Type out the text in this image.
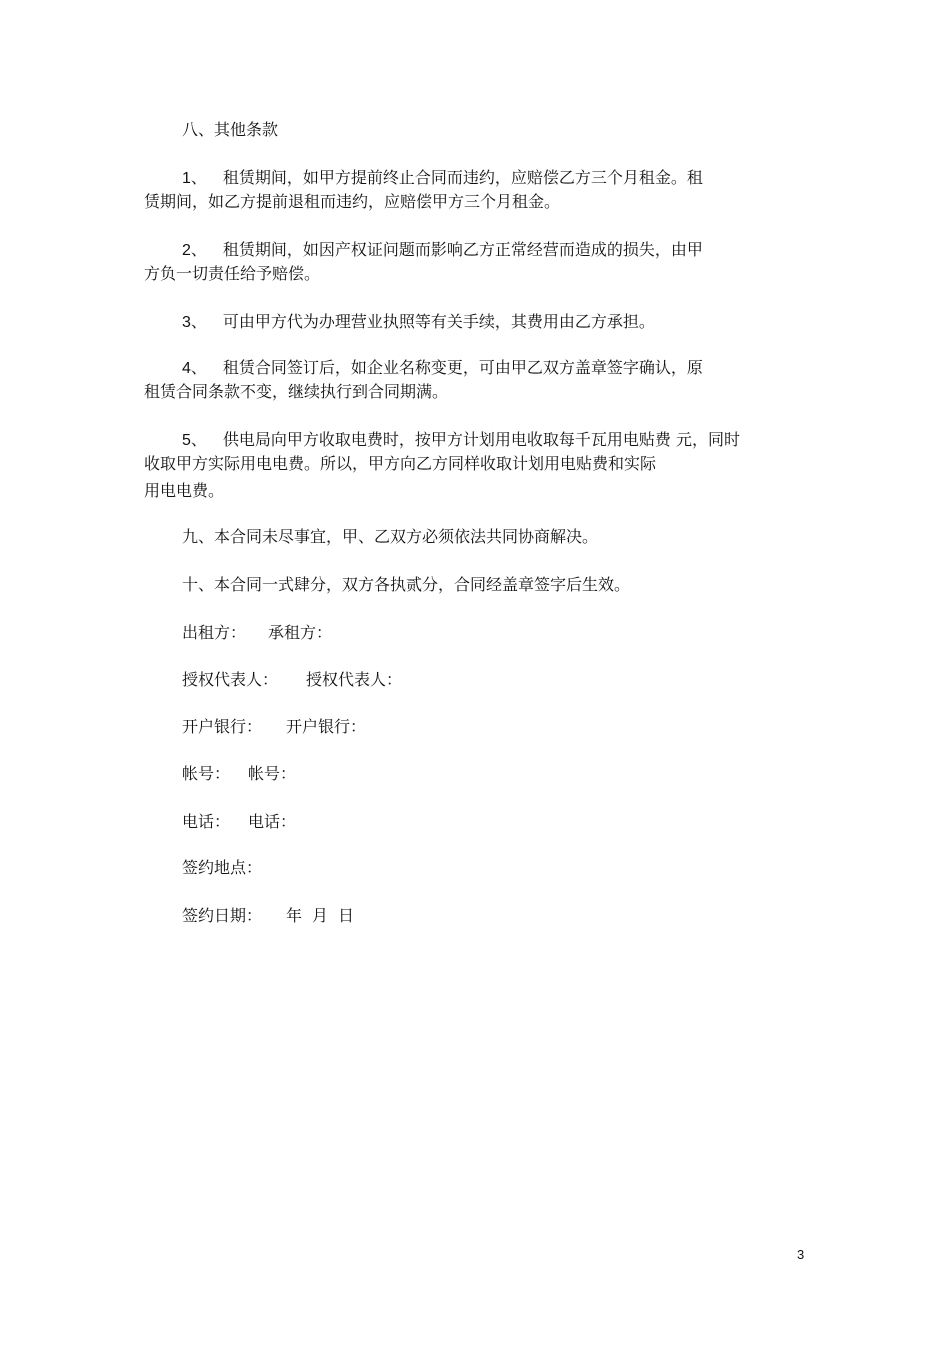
八、其他条款
1、 租赁期间，如甲方提前终止合同而违约，应赔偿乙方三个月租金。租
赁期间，如乙方提前退租而违约，应赔偿甲方三个月租金。
2、 租赁期间，如因产权证问题而影响乙方正常经营而造成的损失，由甲
方负一切责任给予赔偿。
3、 可由甲方代为办理营业执照等有关手续，其费用由乙方承担。
4、 租赁合同签订后，如企业名称变更，可由甲乙双方盖章签字确认，原
租赁合同条款不变，继续执行到合同期满。
5、 供电局向甲方收取电费时，按甲方计划用电收取每千瓦用电贴费 元，同时
收取甲方实际用电电费。所以，甲方向乙方同样收取计划用电贴费和实际
用电电费。
九、本合同未尽事宜，甲、乙双方必须依法共同协商解决。
十、本合同一式肆分，双方各执贰分，合同经盖章签字后生效。
出租方： 承租方：
授权代表人： 授权代表人：
开户银行： 开户银行：
帐号： 帐号：
电话： 电话：
签约地点：
签约日期： 年 月 日
3
